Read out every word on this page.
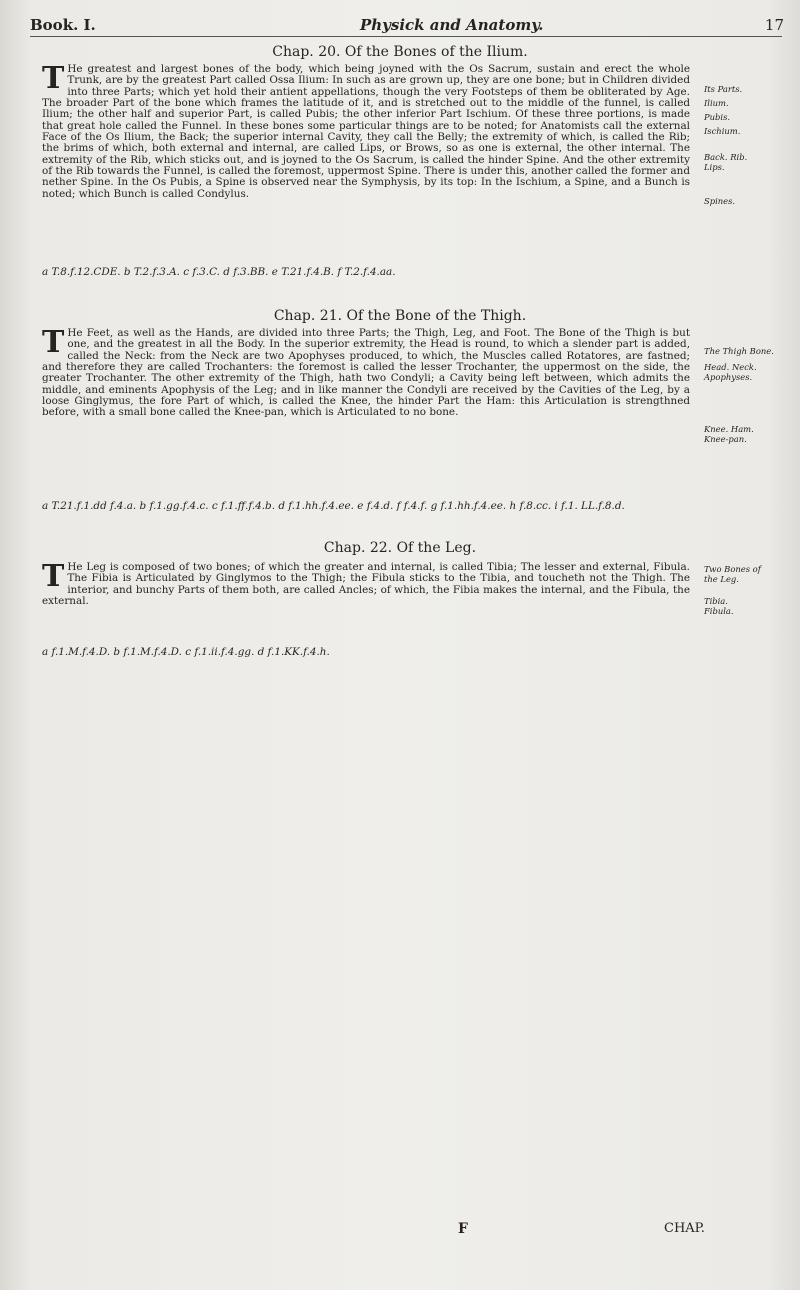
Book. I.	Physick and Anatomy.	17
Chap. 20. Of the Bones of the Ilium.

T He greatest and largest bones of the body, which being joyned with the Os Sacrum, sustain and erect the whole Trunk, are by the greatest Part called Ossa Ilium: In such as are grown up, they are one bone; but in Children divided into three Parts; which yet hold their antient appellations, though the very Footsteps of them be obliterated by Age. The broader Part of the bone which frames the latitude of it, and is stretched out to the middle of the funnel, is called Ilium; the other half and superior Part, is called Pubis; the other inferior Part Ischium. Of these three portions, is made that great hole called the Funnel. In these bones some particular things are to be noted; for Anatomists call the external Face of the Os Ilium, the Back; the superior internal Cavity, they call the Belly; the extremity of which, is called the Rib; the brims of which, both external and internal, are called Lips, or Brows, so as one is external, the other internal. The extremity of the Rib, which sticks out, and is joyned to the Os Sacrum, is called the hinder Spine. And the other extremity of the Rib towards the Funnel, is called the foremost, uppermost Spine. There is under this, another called the former and nether Spine. In the Os Pubis, a Spine is observed near the Symphysis, by its top: In the Ischium, a Spine, and a Bunch is noted; which Bunch is called Condylus.

a T.8.f.12.CDE. b T.2.f.3.A. c f.3.C. d f.3.BB. e T.21.f.4.B. f T.2.f.4.aa.

Chap. 21. Of the Bone of the Thigh.

T He Feet, as well as the Hands, are divided into three Parts; the Thigh, Leg, and Foot. The Bone of the Thigh is but one, and the greatest in all the Body. In the superior extremity, the Head is round, to which a slender part is added, called the Neck: from the Neck are two Apophyses produced, to which, the Muscles called Rotatores, are fastned; and therefore they are called Trochanters: the foremost is called the lesser Trochanter, the uppermost on the side, the greater Trochanter. The other extremity of the Thigh, hath two Condyli; a Cavity being left between, which admits the middle, and eminents Apophysis of the Leg; and in like manner the Condyli are received by the Cavities of the Leg, by a loose Ginglymus, the fore Part of which, is called the Knee, the hinder Part the Ham: this Articulation is strengthned before, with a small bone called the Knee-pan, which is Articulated to no bone.

a T.21.f.1.dd f.4.a. b f.1.gg.f.4.c. c f.1.ff.f.4.b. d f.1.hh.f.4.ee. e f.4.d. f f.4.f. g f.1.hh.f.4.ee. h f.8.cc. i f.1. LL.f.8.d.

Chap. 22. Of the Leg.

T He Leg is composed of two bones; of which the greater and internal, is called Tibia; The lesser and external, Fibula. The Fibia is Articulated by Ginglymos to the Thigh; the Fibula sticks to the Tibia, and toucheth not the Thigh. The interior, and bunchy Parts of them both, are called Ancles; of which, the Fibia makes the internal, and the Fibula, the external.

a f.1.M.f.4.D. b f.1.M.f.4.D. c f.1.ii.f.4.gg. d f.1.KK.f.4.h.

Its Parts.
Ilium.
Pubis.
Ischium.
Back. Rib. Lips.
Spines.
The Thigh Bone.
Head. Neck. Apophyses.
Knee. Ham. Knee-pan.
Two Bones of the Leg.
Tibia. Fibula.
F	CHAP.
